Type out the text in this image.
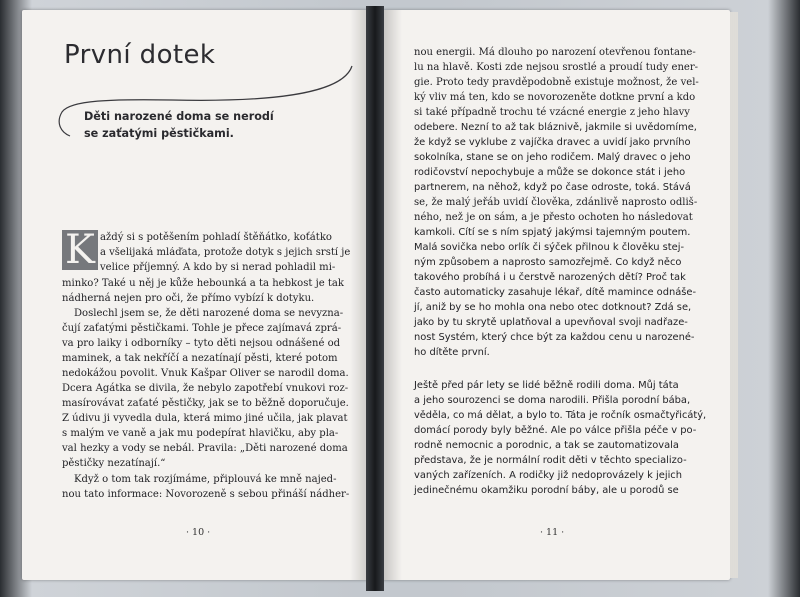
První dotek
Děti narozené doma se nerodí
se zaťatými pěstičkami.
K aždý si s potěšením pohladí štěňátko, koťátko
a všelijaká mláďata, protože dotyk s jejich srstí je
velice příjemný. A kdo by si nerad pohladil mi-
minko? Také u něj je kůže hebounká a ta hebkost je tak
nádherná nejen pro oči, že přímo vybízí k dotyku.
Doslechl jsem se, že děti narozené doma se nevyzna-
čují zaťatými pěstičkami. Tohle je přece zajímavá zprá-
va pro laiky i odborníky – tyto děti nejsou odnášené od
maminek, a tak nekříčí a nezatínají pěsti, které potom
nedokážou povolit. Vnuk Kašpar Oliver se narodil doma.
Dcera Agátka se divila, že nebylo zapotřebí vnukovi roz-
masírovávat zaťaté pěstičky, jak se to běžně doporučuje.
Z údivu ji vyvedla dula, která mimo jiné učila, jak plavat
s malým ve vaně a jak mu podepírat hlavičku, aby pla-
val hezky a vody se nebál. Pravila: „Děti narozené doma
pěstičky nezatínají.“
Když o tom tak rozjímáme, připlouvá ke mně najed-
nou tato informace: Novorozeně s sebou přináší nádher-
· 10 ·
nou energii. Má dlouho po narození otevřenou fontane-
lu na hlavě. Kosti zde nejsou srostlé a proudí tudy ener-
gie. Proto tedy pravděpodobně existuje možnost, že vel-
ký vliv má ten, kdo se novorozeněte dotkne první a kdo
si také případně trochu té vzácné energie z jeho hlavy
odebere. Nezní to až tak bláznivě, jakmile si uvědomíme,
že když se vyklube z vajíčka dravec a uvidí jako prvního
sokolníka, stane se on jeho rodičem. Malý dravec o jeho
rodičovství nepochybuje a může se dokonce stát i jeho
partnerem, na něhož, když po čase odroste, toká. Stává
se, že malý jeřáb uvidí člověka, zdánlivě naprosto odliš-
ného, než je on sám, a je přesto ochoten ho následovat
kamkoli. Cítí se s ním spjatý jakýmsi tajemným poutem.
Malá sovička nebo orlík či sýček přilnou k člověku stej-
ným způsobem a naprosto samozřejmě. Co když něco
takového probíhá i u čerstvě narozených dětí? Proč tak
často automaticky zasahuje lékař, dítě mamince odnáše-
jí, aniž by se ho mohla ona nebo otec dotknout? Zdá se,
jako by tu skrytě uplatňoval a upevňoval svoji nadřaze-
nost Systém, který chce být za každou cenu u narozené-
ho dítěte první.
Ještě před pár lety se lidé běžně rodili doma. Můj táta
a jeho sourozenci se doma narodili. Přišla porodní bába,
věděla, co má dělat, a bylo to. Táta je ročník osmačtyřicátý,
domácí porody byly běžné. Ale po válce přišla péče v po-
rodně nemocnic a porodnic, a tak se zautomatizovala
představa, že je normální rodit děti v těchto specializo-
vaných zařízeních. A rodičky již nedoprovázely k jejich
jedinečnému okamžiku porodní báby, ale u porodů se
· 11 ·
